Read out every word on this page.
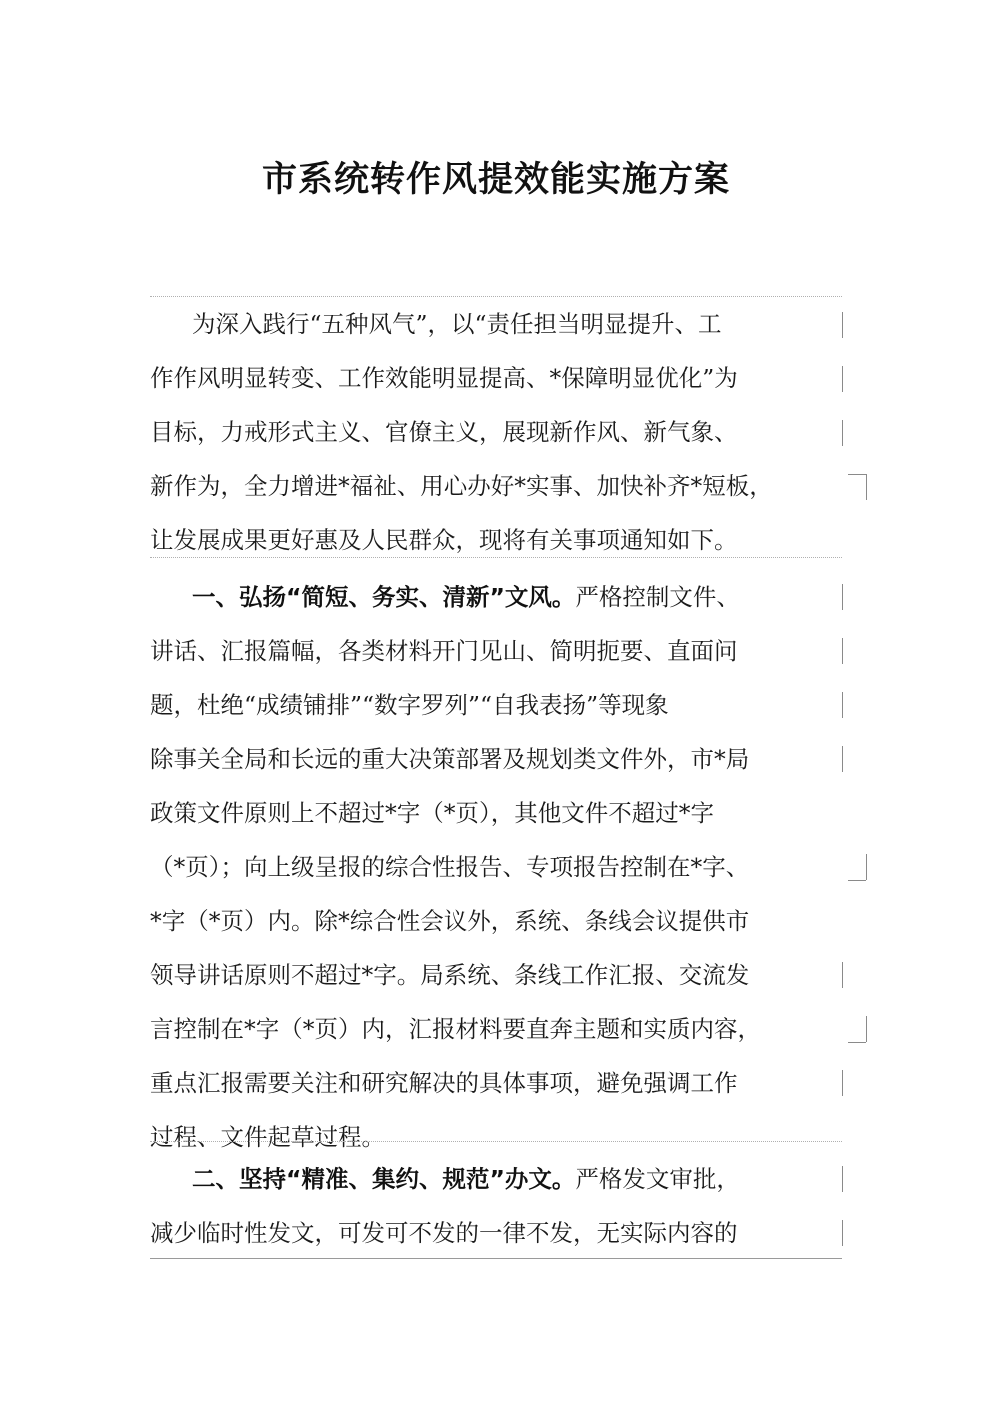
市系统转作风提效能实施方案
为深入践行“五种风气”，以“责任担当明显提升、工
作作风明显转变、工作效能明显提高、*保障明显优化”为
目标，力戒形式主义、官僚主义，展现新作风、新气象、
新作为，全力增进*福祉、用心办好*实事、加快补齐*短板，
让发展成果更好惠及人民群众，现将有关事项通知如下。
一、弘扬“简短、务实、清新”文风。严格控制文件、
讲话、汇报篇幅，各类材料开门见山、简明扼要、直面问
题，杜绝“成绩铺排”“数字罗列”“自我表扬”等现象
除事关全局和长远的重大决策部署及规划类文件外，市*局
政策文件原则上不超过*字（*页），其他文件不超过*字
（*页）；向上级呈报的综合性报告、专项报告控制在*字、
*字（*页）内。除*综合性会议外，系统、条线会议提供市
领导讲话原则不超过*字。局系统、条线工作汇报、交流发
言控制在*字（*页）内，汇报材料要直奔主题和实质内容，
重点汇报需要关注和研究解决的具体事项，避免强调工作
过程、文件起草过程。
二、坚持“精准、集约、规范”办文。严格发文审批，
减少临时性发文，可发可不发的一律不发，无实际内容的
